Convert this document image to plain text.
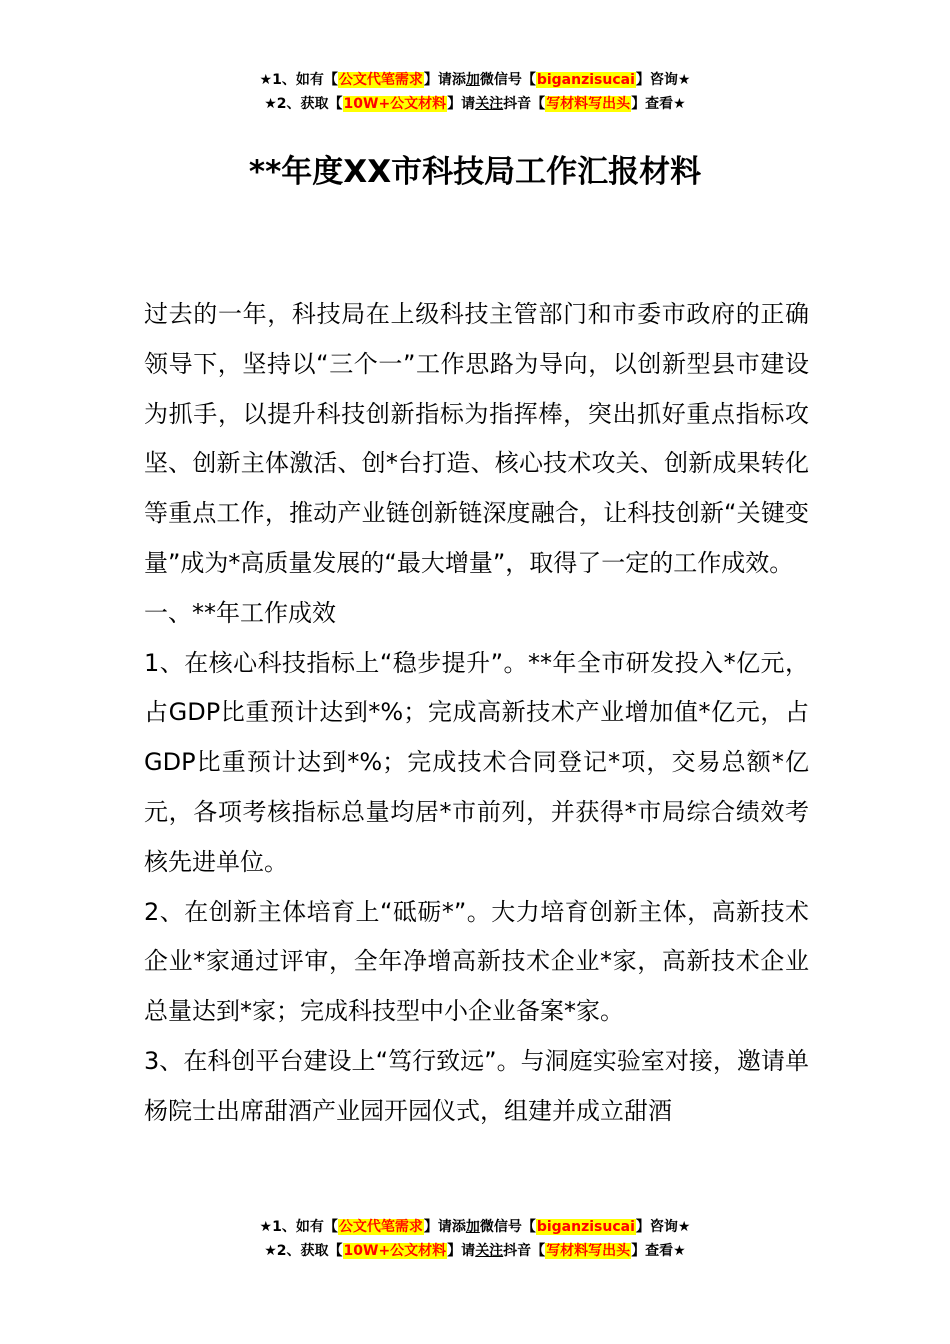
★1、如有【公文代笔需求】请添加微信号【biganzisucai】咨询★
★2、获取【10W+公文材料】请关注抖音【写材料写出头】查看★
**年度XX市科技局工作汇报材料

过去的一年，科技局在上级科技主管部门和市委市政府的正确领导下，坚持以“三个一”工作思路为导向，以创新型县市建设为抓手，以提升科技创新指标为指挥棒，突出抓好重点指标攻坚、创新主体激活、创*台打造、核心技术攻关、创新成果转化等重点工作，推动产业链创新链深度融合，让科技创新“关键变量”成为*高质量发展的“最大增量”，取得了一定的工作成效。

一、**年工作成效

1、在核心科技指标上“稳步提升”。**年全市研发投入*亿元，占GDP比重预计达到*%；完成高新技术产业增加值*亿元，占GDP比重预计达到*%；完成技术合同登记*项，交易总额*亿元，各项考核指标总量均居*市前列，并获得*市局综合绩效考核先进单位。

2、在创新主体培育上“砥砺*”。大力培育创新主体，高新技术企业*家通过评审，全年净增高新技术企业*家，高新技术企业总量达到*家；完成科技型中小企业备案*家。

3、在科创平台建设上“笃行致远”。与洞庭实验室对接，邀请单杨院士出席甜酒产业园开园仪式，组建并成立甜酒

★1、如有【公文代笔需求】请添加微信号【biganzisucai】咨询★
★2、获取【10W+公文材料】请关注抖音【写材料写出头】查看★
